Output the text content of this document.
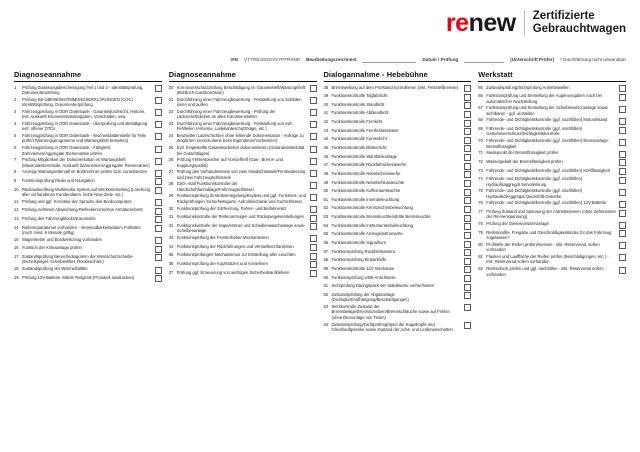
renew Zertifizierte
Gebrauchtwagen
VIN VT7FEUGDGVYYPFRXNR Bearbeitungszeichnest	Datum / Prüfung	(Unterschrift Prüfer) * Durchführung nicht anwendbar
Diagnoseannahme
1	Prüfung Zulassungsbescheinigung Teil 1 und 2 - Identitätsprüfung, Dokumentenprüfung
2	Prüfung KB-ÜBEREINSTIMMUNGSERKLÄRUNGEN (COC) - Identitätsprüfung, Dokumentenprüfung
3	Fahrzeugprüfung in ODR Datenbank - Garantiedurchsicht, Historie, evtl. Auskunft Kilometerstandangaben, Vorschäden, usw.
4	Fahrzeugprüfung in ODR Datenbank - Überprüfung und Bestätigung evtl. offener DTCs
5	Fahrzeugprüfung in ODR Datenbank - Wochenblattenstelle für Teile prüfen (Wartungsprogramme und Wartungsheft bestehen)
6	Fahrzeugprüfung in ODR Datenbank - Fähigkeit Zahnriemen/Aggregate Riemenarten prüfen
7	Prüfung Möglichkeit der Dokumentation im Wartungsheft (Maximalerkennstufe, Auskunft Zahnriemen/Aggregater Riemenarten)
8	Anzeige Wartungsintervall im Bordrechner prüfen bzw. zurücksetzen
9	Funktionsprüfung Radio und Navigation
10 Rückauskunftung Multimedia System auf Werkseinstellung (Löschung aller vorhandenen Kundendaten, letzte Navi-Ziele, etc.)
11 Prüfung und ggf. Korrektur der Sprache des Bordcomputers
12 Prüfung Auftreten Abweichung Reifenkennzeichen Armaturenbrett
13 Prüfung des Fahrzeugblocks/Karosserie
14 Reifenreparaturset vorhanden - Verwendbarkeitsdatum Füllmittel (noch mind. 6 Monate gültig)
15 Wagenheber und Bordwerkzeug vorhanden
16 Funktion der Klimaanlage prüfen
17 Zustandsprüfung Bereichsdiagramm der Windschutzscheibe (Eichelspiegel, Scheibenlifter, Rückleuchten)
18 Zustandsprüfung der Wischerblätter
19 Prüfung 12V-Batterie mittels Testgerät (Protokoll ausdrucken)
Diagnoseannahme
20 Korrosionsschutzprüfung Beschädigung im Garantieheft/Wartungsheft (Bohlloch-/Lackkorrosion)
21 Durchführung einer Fahrzeugbewertung - Feststellung von Schäden innen und außen
22 Durchführung einer Fahrzeugbewertung - Prüfung der Lackschichtdicken an allen Karosserieteilen
23 Durchführung einer Fahrzeugbewertung - Feststellung von evtl. Fehlteilen (Antenne, Ladekanteschutzbügel, etc.)
24 Beurteilten Lackschichten ohne fehlende Dokumentation - Anfrage zu möglichen (verschobene beim Eigentümer/Vorbesitzer)
25 Evtl. freigestellte Garantiearbeiten dokumentieren (Garantiedatenblatt bei Gutachtlagen)
26 Prüfung Fehlerspeicher auf Vorsorfheft (Gas-, Brems-,und Kupplungspedal)
27 Prüfung des Vorhandenseins von zwei Handschlüsselt/Fernbedienung und zwei Fahrzeugschlüsseln
28 Gebr.-stall Funktionskontrolle der Handschuhfachablage/Fahrzeugschlüssel
29 Funktionsprüfung Zentralverriegelung/Keyless und ggf. Funktions- und Rückprüfungen Sicherheitsgurte, Aufrollmechanik und Gurtschlösser
30 Funktionsprüfung der Sitzheizung, Fahrer- und Beifahrersitz
31 Funktionskontrolle der Reifenanzeigen und Rückspiegelverstellungen
32 Funktionskontrolle der Hupe/Hörner und Scheibenwaschanlage sowie Scheibenanlage
33 Funktionsprüfung der Fensterheber-Mechanismen
34 Funktionsprüfung der Rückführungen und Verstellmechanismen
35 Funktionsprüfungen Mechanismus zur Einstellung aller Leuchten
36 Funktionsprüfung der Kopfstützen und Armlehnen
37 Prüfung ggf. Erneuerung von wichtigen Sicherheitsaufklebern
Dialogannahme - Hebebühne
38 Bremsweltung auf dem Prüfstand kontrollieren (inkl. Feststellbremse)
39 Funktionskontrolle Tagfahrlicht
40 Funktionskontrolle Standlicht
41 Funktionskontrolle Abblendlicht
42 Funktionskontrolle Fernlicht
43 Funktionskontrolle Fernlichtassistent
44 Funktionskontrolle Kurvenlicht
45 Funktionskontrolle Blinkerlicht
46 Funktionskontrolle Warnblinkanlage
47 Funktionskontrolle Rückfahrscheinwerfer
48 Funktionskontrolle Nebelscheinwerfer
49 Funktionskontrolle Nebelschlussleuchte
50 Funktionskontrolle Kofferraumleuchte
51 Funktionskontrolle Innenbeleuchtung
52 Funktionskontrolle Kennzeichenbeleuchtung
53 Funktionskontrolle Bremsleuchten/dritte Bremsleuchte
54 Funktionskontrolle Instrumentenbeleuchtung
55 Funktionskontrolle Anzeigeinstrumente
56 Funktionskontrolle Signalhorn
57 Funktionsprüfung Rückfahrkamera
58 Funktionsprüfung Einparkhilfe
59 Funktionskontrolle 12V-Steckdose
60 Funktionsprüfung USB-Anschlüsse
61 Sichtprüfung Dachgepäck der Stabilisierte vorher/hinten
62 Zustandsprüfung der Abgasanlage (Dichtigkeit/Aufhängung/Beschädigungen)
63 Sichtkontrolle Zustand der Bremsbeläge/Bremsscheiben/Bremsschläuche sowie auf Fehlen (ohne Demontage von Teilen)
64 Zustandsprüfung/Dichtprüfung/Spiel der Kugelköpfe und Gleichlaufgelenke sowie Zustand der Achs- und Lenkmanschetten
Werkstatt
65 Zustandsprüfung/Sichtprüfung Antriebswellen
66 Funktionsprüfung und Einstellung der Augenvorgaben nach bei automatischer Nachstellung
67 Funktionsprüfung und Einstellung der Scheibenwischanlage sowie sichtbaren - ggf. einstellen
68 Führende- und Dichtigkeitskontrolle (ggf. nachfüllen) Motorölstand
69 Führende- und Dichtigkeitskontrolle (ggf. nachfüllen) Getriebeverschluss/Dichtigkeitskontrolle
70 Führende- und Dichtigkeitskontrolle (ggf. nachfüllen) Bremsanlage-Bremsflüssigkeit
71 Siedepunkt der Bremsflüssigkeit prüfen
72 Wassergehalt der Bremsflüssigkeit prüfen
73 Führende- und Dichtigkeitskontrolle (ggf. nachfüllen) Kühlflüssigkeit
74 Führende- und Dichtigkeitskontrolle (ggf. nachfüllen) Hydraulikaggregat Servolenkung
75 Führende- und Dichtigkeitskontrolle (ggf. nachfüllen) Hydrauliköl/Aggregat Quickshift-Getriebe
76 Führende- und Dichtigkeitskontrolle (ggf. nachfüllen) 12V-Batterie
77 Prüfung Zustand und Spannung der Antriebsriemen (ohne Zahnriemen der Riemenspannung)
78 Prüfung der Dieselvorwärmanlage
79 Reifenprofile, Freigabe und Gleichmäßigkeitsindex für das Fahrzeug zugelassen?
80 Profiltiefe der Reifen prüfen/messen - inkl. Reserverad, sofern vorhanden
81 Flanken und Lauffläche der Reifen prüfen (Beschädigungen, etc.) - inkl. Reserverad sofern vorhanden
82 Reifendruck prüfen und ggf. nachfüllen - inkl. Reserverad sofern vorhanden
